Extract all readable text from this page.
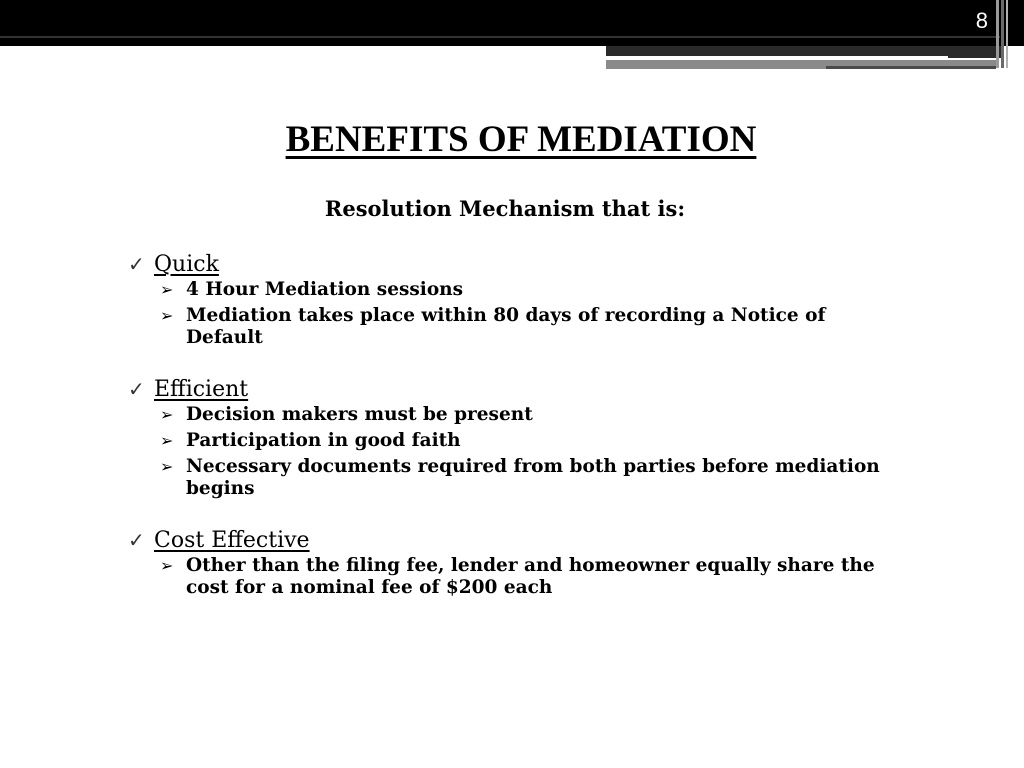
8
BENEFITS OF MEDIATION
Resolution Mechanism that is:
✓ Quick
➢ 4 Hour Mediation sessions
➢ Mediation takes place within 80 days of recording a Notice of Default
✓ Efficient
➢ Decision makers must be present
➢ Participation in good faith
➢ Necessary documents required from both parties before mediation begins
✓ Cost Effective
➢ Other than the filing fee, lender and homeowner equally share the cost for a nominal fee of $200 each
